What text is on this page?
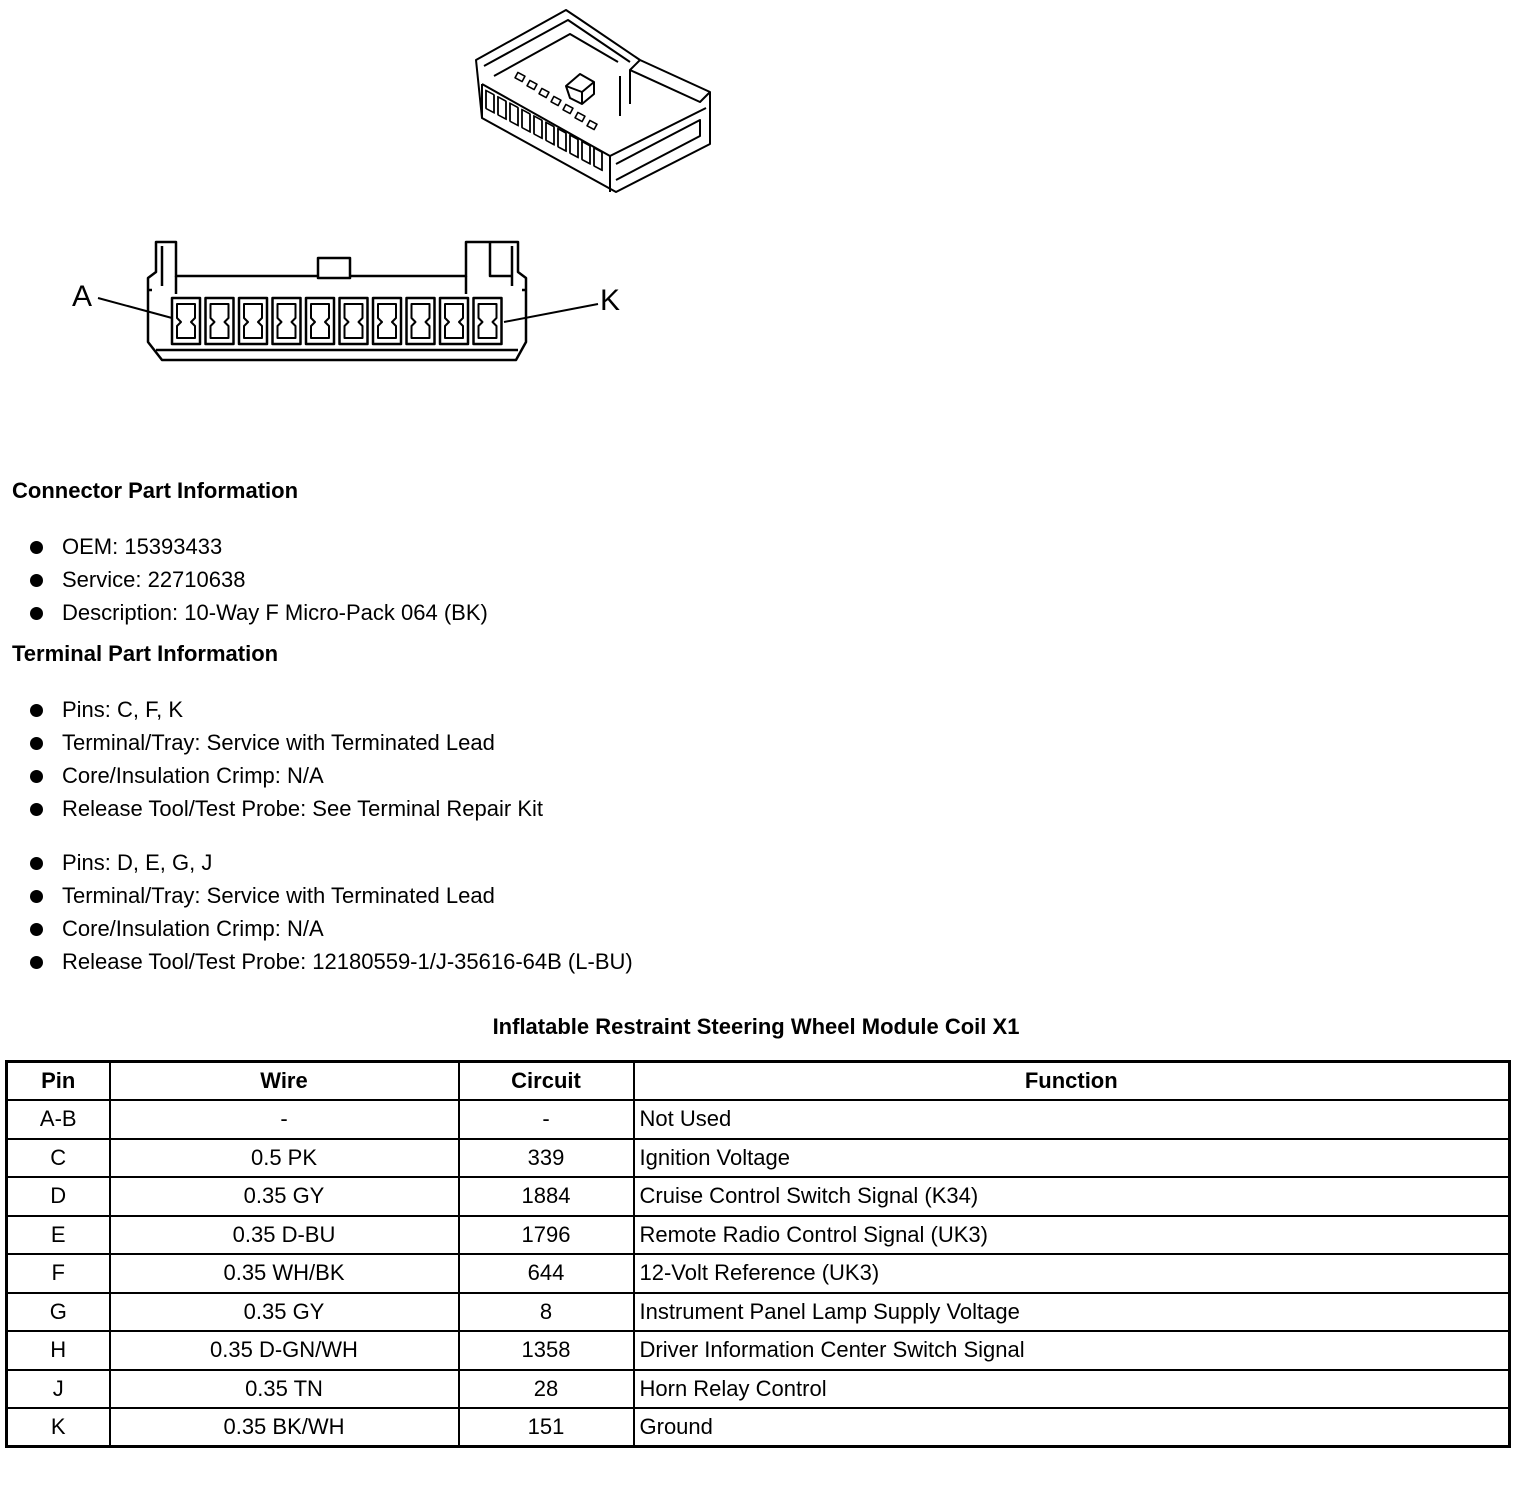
A	K
Connector Part Information
OEM: 15393433
Service: 22710638
Description: 10-Way F Micro-Pack 064 (BK)
Terminal Part Information
Pins: C, F, K
Terminal/Tray: Service with Terminated Lead
Core/Insulation Crimp: N/A
Release Tool/Test Probe: See Terminal Repair Kit
Pins: D, E, G, J
Terminal/Tray: Service with Terminated Lead
Core/Insulation Crimp: N/A
Release Tool/Test Probe: 12180559-1/J-35616-64B (L-BU)
Inflatable Restraint Steering Wheel Module Coil X1
Pin	Wire	Circuit	Function
A-B	-	-	Not Used
C	0.5 PK	339	Ignition Voltage
D	0.35 GY	1884	Cruise Control Switch Signal (K34)
E	0.35 D-BU	1796	Remote Radio Control Signal (UK3)
F	0.35 WH/BK	644	12-Volt Reference (UK3)
G	0.35 GY	8	Instrument Panel Lamp Supply Voltage
H	0.35 D-GN/WH	1358	Driver Information Center Switch Signal
J	0.35 TN	28	Horn Relay Control
K	0.35 BK/WH	151	Ground
